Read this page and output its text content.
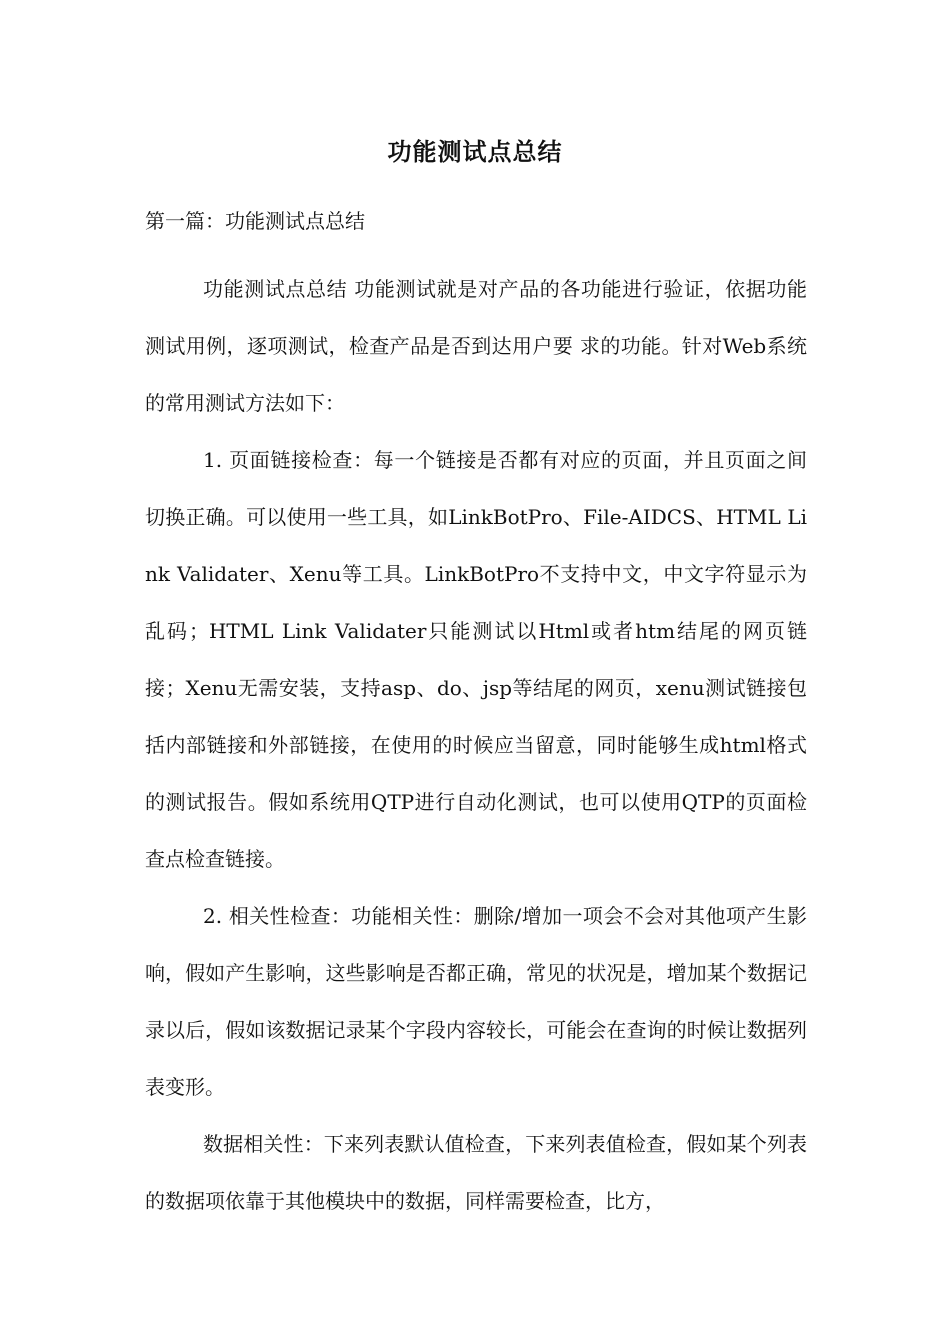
功能测试点总结
第一篇：功能测试点总结

功能测试点总结 功能测试就是对产品的各功能进行验证，依据功能测试用例，逐项测试，检查产品是否到达用户要 求的功能。针对Web系统的常用测试方法如下：

1. 页面链接检查：每一个链接是否都有对应的页面，并且页面之间切换正确。可以使用一些工具，如LinkBotPro、File-AIDCS、HTML Link Validater、Xenu等工具。LinkBotPro不支持中文，中文字符显示为乱码；HTML Link Validater只能测试以Html或者htm结尾的网页链接；Xenu无需安装，支持asp、do、jsp等结尾的网页，xenu测试链接包括内部链接和外部链接，在使用的时候应当留意，同时能够生成html格式的测试报告。假如系统用QTP进行自动化测试，也可以使用QTP的页面检查点检查链接。

2. 相关性检查：功能相关性：删除/增加一项会不会对其他项产生影响，假如产生影响，这些影响是否都正确，常见的状况是，增加某个数据记录以后，假如该数据记录某个字段内容较长，可能会在查询的时候让数据列表变形。

数据相关性：下来列表默认值检查，下来列表值检查，假如某个列表的数据项依靠于其他模块中的数据，同样需要检查，比方，
